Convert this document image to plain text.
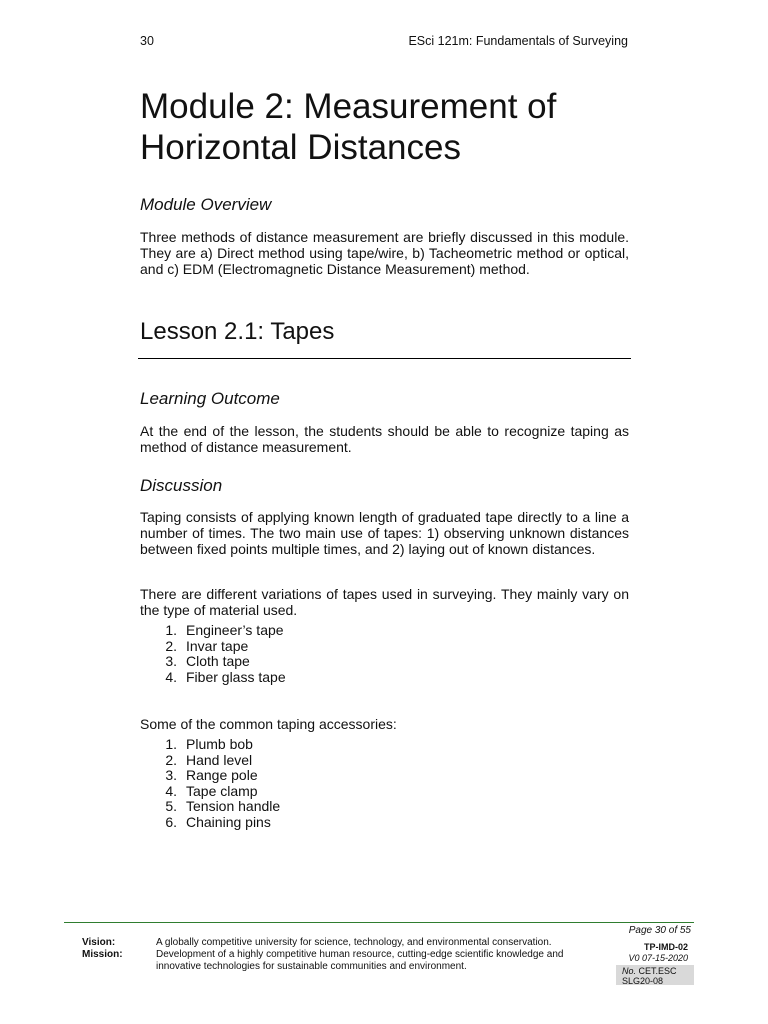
30	ESci 121m: Fundamentals of Surveying
Module 2: Measurement of Horizontal Distances
Module Overview

Three methods of distance measurement are briefly discussed in this module. They are a) Direct method using tape/wire, b) Tacheometric method or optical, and c) EDM (Electromagnetic Distance Measurement) method.

Lesson 2.1: Tapes
Learning Outcome

At the end of the lesson, the students should be able to recognize taping as method of distance measurement.

Discussion

Taping consists of applying known length of graduated tape directly to a line a number of times. The two main use of tapes: 1) observing unknown distances between fixed points multiple times, and 2) laying out of known distances.

There are different variations of tapes used in surveying. They mainly vary on the type of material used.

1. Engineer’s tape
2. Invar tape
3. Cloth tape
4. Fiber glass tape

Some of the common taping accessories:

1. Plumb bob
2. Hand level
3. Range pole
4. Tape clamp
5. Tension handle
6. Chaining pins
Page 30 of 55
Vision:	A globally competitive university for science, technology, and environmental conservation.
Mission:	Development of a highly competitive human resource, cutting-edge scientific knowledge and innovative technologies for sustainable communities and environment.
TP-IMD-02
V0 07-15-2020
No. CET.ESC
SLG20-08
